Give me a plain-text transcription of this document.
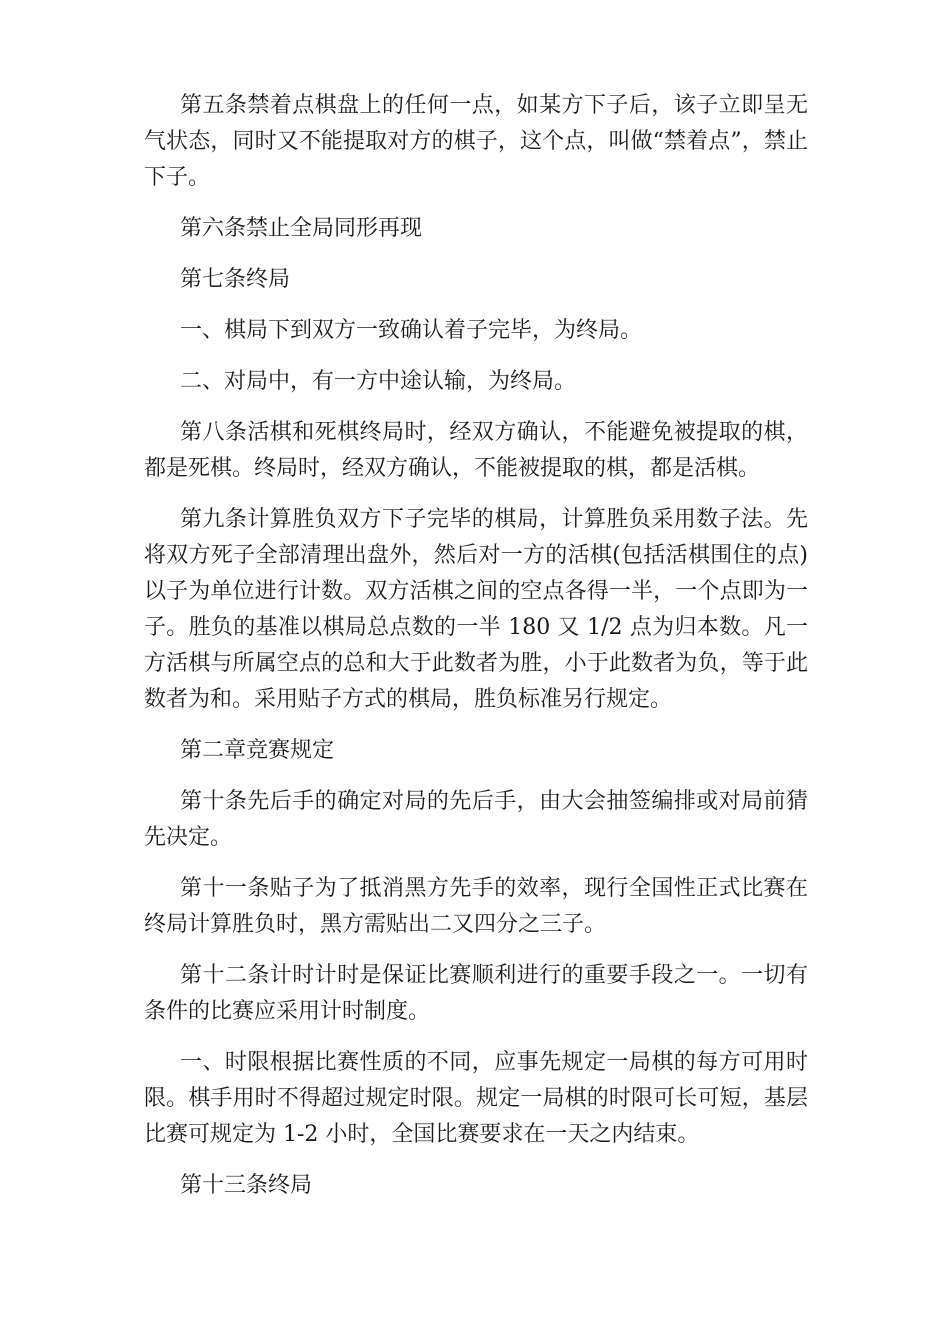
第五条禁着点棋盘上的任何一点，如某方下子后，该子立即呈无气状态，同时又不能提取对方的棋子，这个点，叫做“禁着点”，禁止下子。

第六条禁止全局同形再现

第七条终局

一、棋局下到双方一致确认着子完毕，为终局。

二、对局中，有一方中途认输，为终局。

第八条活棋和死棋终局时，经双方确认，不能避免被提取的棋，都是死棋。终局时，经双方确认，不能被提取的棋，都是活棋。

第九条计算胜负双方下子完毕的棋局，计算胜负采用数子法。先将双方死子全部清理出盘外，然后对一方的活棋(包括活棋围住的点)以子为单位进行计数。双方活棋之间的空点各得一半，一个点即为一子。胜负的基准以棋局总点数的一半 180 又 1/2 点为归本数。凡一方活棋与所属空点的总和大于此数者为胜，小于此数者为负，等于此数者为和。采用贴子方式的棋局，胜负标准另行规定。

第二章竞赛规定

第十条先后手的确定对局的先后手，由大会抽签编排或对局前猜先决定。

第十一条贴子为了抵消黑方先手的效率，现行全国性正式比赛在终局计算胜负时，黑方需贴出二又四分之三子。

第十二条计时计时是保证比赛顺利进行的重要手段之一。一切有条件的比赛应采用计时制度。

一、时限根据比赛性质的不同，应事先规定一局棋的每方可用时限。棋手用时不得超过规定时限。规定一局棋的时限可长可短，基层比赛可规定为 1-2 小时，全国比赛要求在一天之内结束。

第十三条终局
